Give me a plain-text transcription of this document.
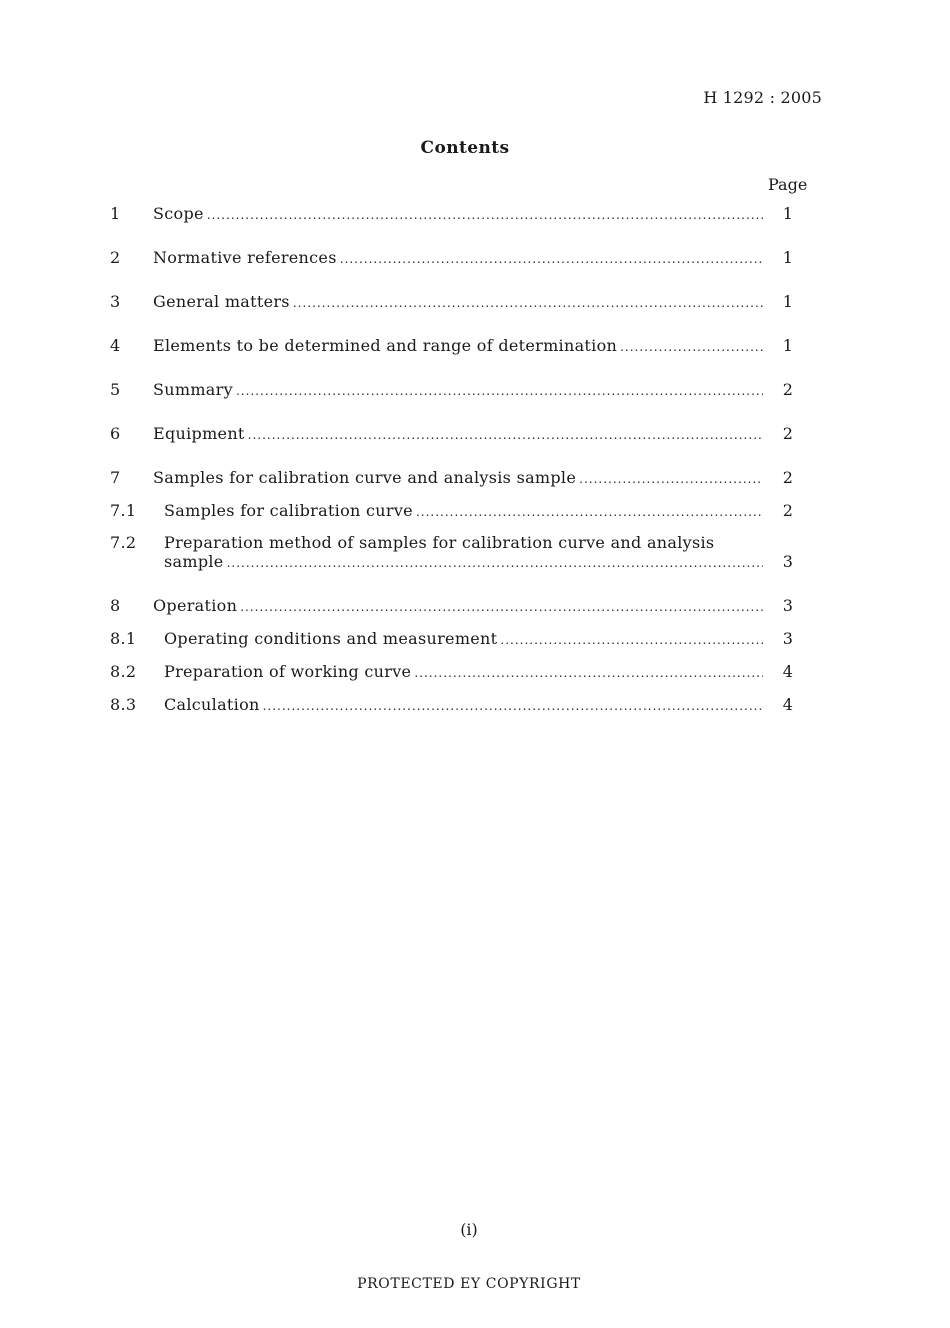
H 1292 : 2005
Contents
Page
1	Scope .....	1
2	Normative references .....	1
3	General matters .....	1
4	Elements to be determined and range of determination .....	1
5	Summary .....	2
6	Equipment .....	2
7	Samples for calibration curve and analysis sample .....	2
7.1	Samples for calibration curve .....	2
7.2	Preparation method of samples for calibration curve and analysis
sample .....	3
8	Operation .....	3
8.1	Operating conditions and measurement .....	3
8.2	Preparation of working curve .....	4
8.3	Calculation .....	4
(i)
PROTECTED ЕY COPYRIGHT
